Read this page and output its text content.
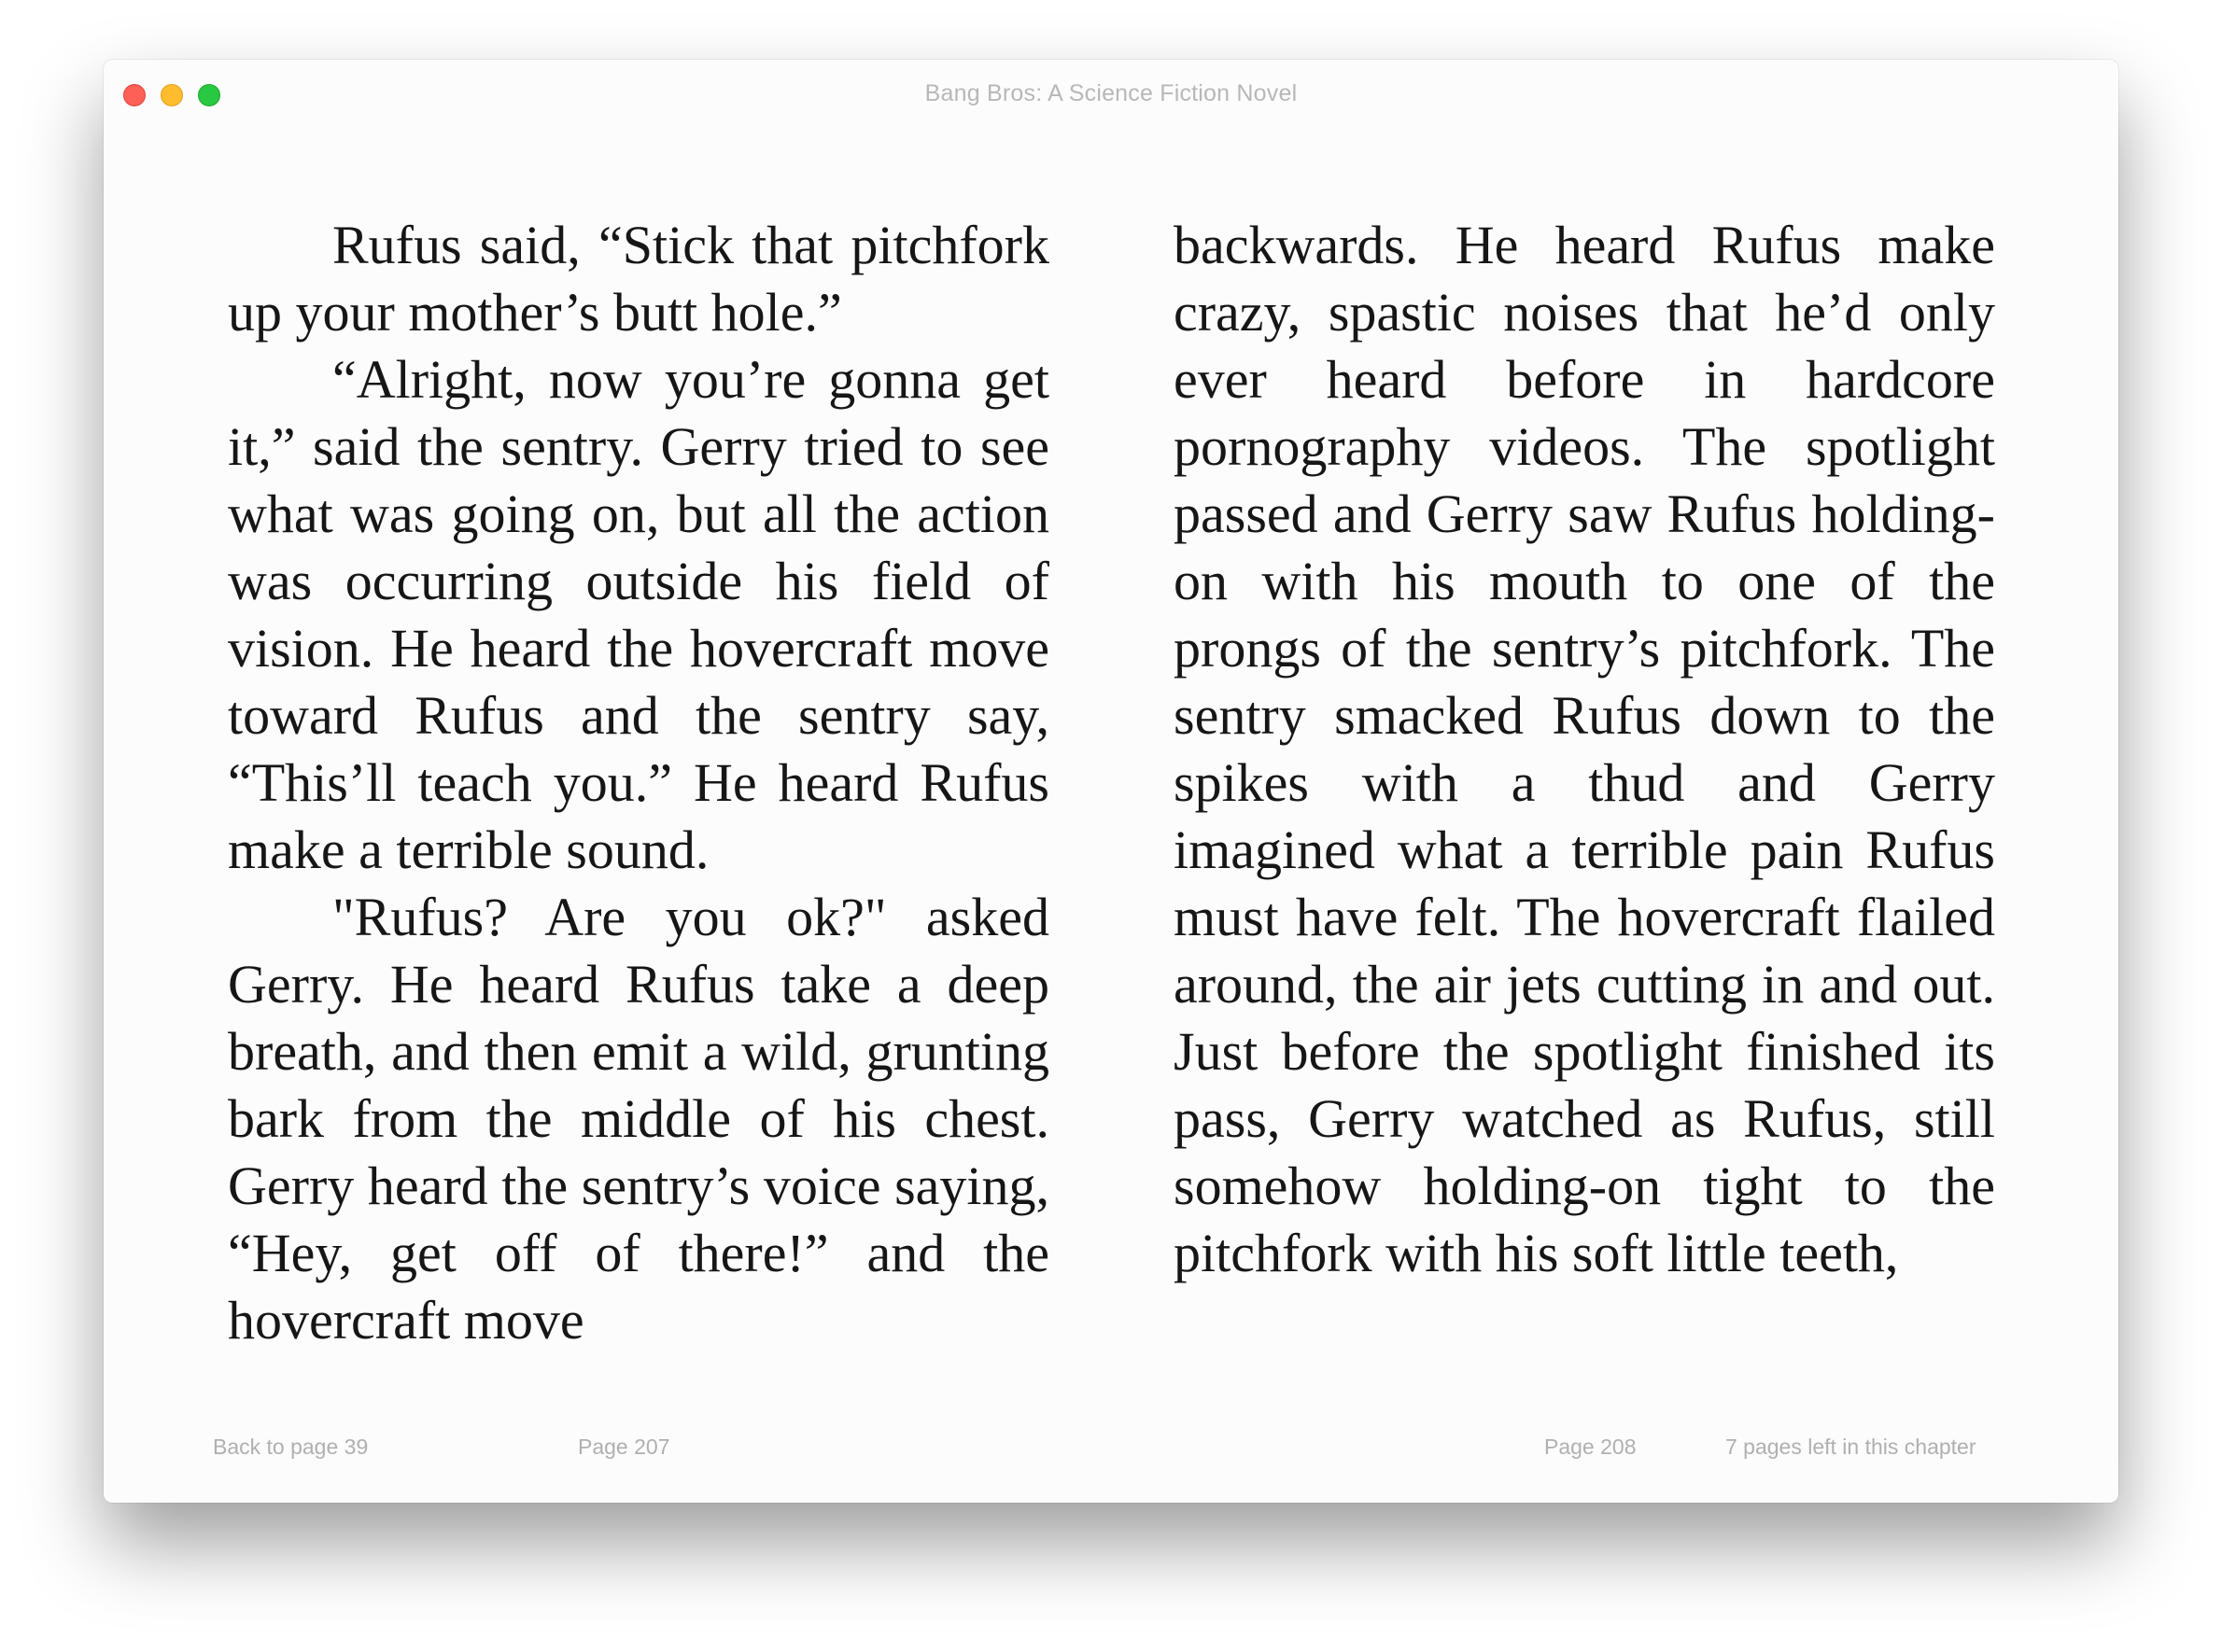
Bang Bros: A Science Fiction Novel

Rufus said, “Stick that pitchfork up your mother’s butt hole.”

“Alright, now you’re gonna get it,” said the sentry. Gerry tried to see what was going on, but all the action was occurring outside his field of vision. He heard the hovercraft move toward Rufus and the sentry say, “This’ll teach you.” He heard Rufus make a terrible sound.

"Rufus? Are you ok?" asked Gerry. He heard Rufus take a deep breath, and then emit a wild, grunting bark from the middle of his chest. Gerry heard the sentry’s voice saying, “Hey, get off of there!” and the hovercraft move

backwards. He heard Rufus make crazy, spastic noises that he’d only ever heard before in hardcore pornography videos. The spotlight passed and Gerry saw Rufus holding-on with his mouth to one of the prongs of the sentry’s pitchfork. The sentry smacked Rufus down to the spikes with a thud and Gerry imagined what a terrible pain Rufus must have felt. The hovercraft flailed around, the air jets cutting in and out. Just before the spotlight finished its pass, Gerry watched as Rufus, still somehow holding-on tight to the pitchfork with his soft little teeth,

Back to page 39	Page 207	Page 208	7 pages left in this chapter
